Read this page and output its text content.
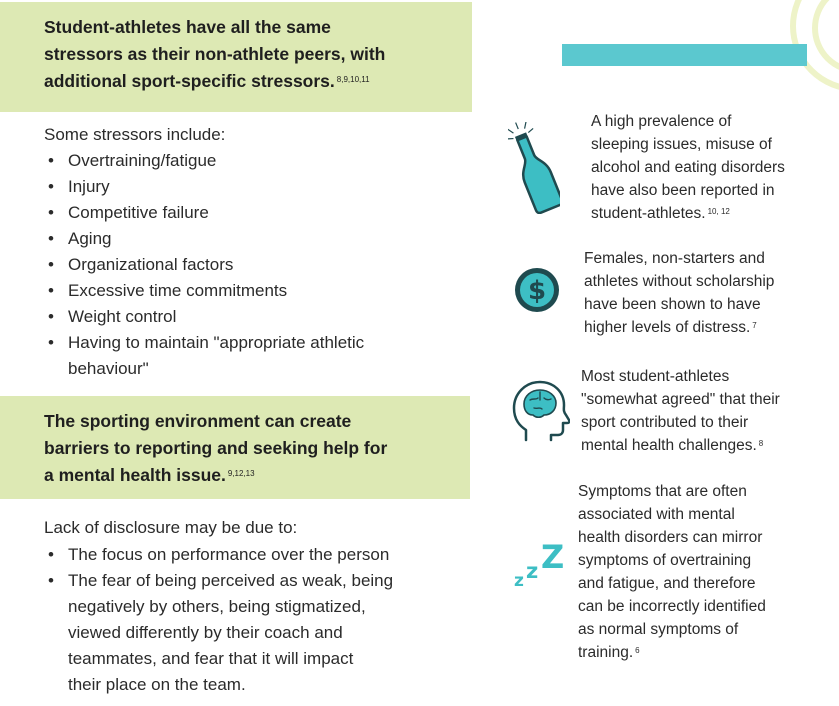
Student-athletes have all the same
stressors as their non-athlete peers, with
additional sport-specific stressors. $^{8,9,10,11}$
Some stressors include:
• Overtraining/fatigue
• Injury
• Competitive failure
• Aging
• Organizational factors
• Excessive time commitments
• Weight control
• Having to maintain "appropriate athletic
behaviour"
The sporting environment can create
barriers to reporting and seeking help for
a mental health issue. $^{9,12,13}$
Lack of disclosure may be due to:
• The focus on performance over the person
• The fear of being perceived as weak, being
negatively by others, being stigmatized,
viewed differently by their coach and
teammates, and fear that it will impact
their place on the team.
A high prevalence of
sleeping issues, misuse of
alcohol and eating disorders
have also been reported in
student-athletes. $^{10, 12}$
$
Females, non-starters and
athletes without scholarship
have been shown to have
higher levels of distress. $^7$
Most student-athletes
"somewhat agreed" that their
sport contributed to their
mental health challenges. $^8$
z z Z
Symptoms that are often
associated with mental
health disorders can mirror
symptoms of overtraining
and fatigue, and therefore
can be incorrectly identified
as normal symptoms of
training. $^6$
